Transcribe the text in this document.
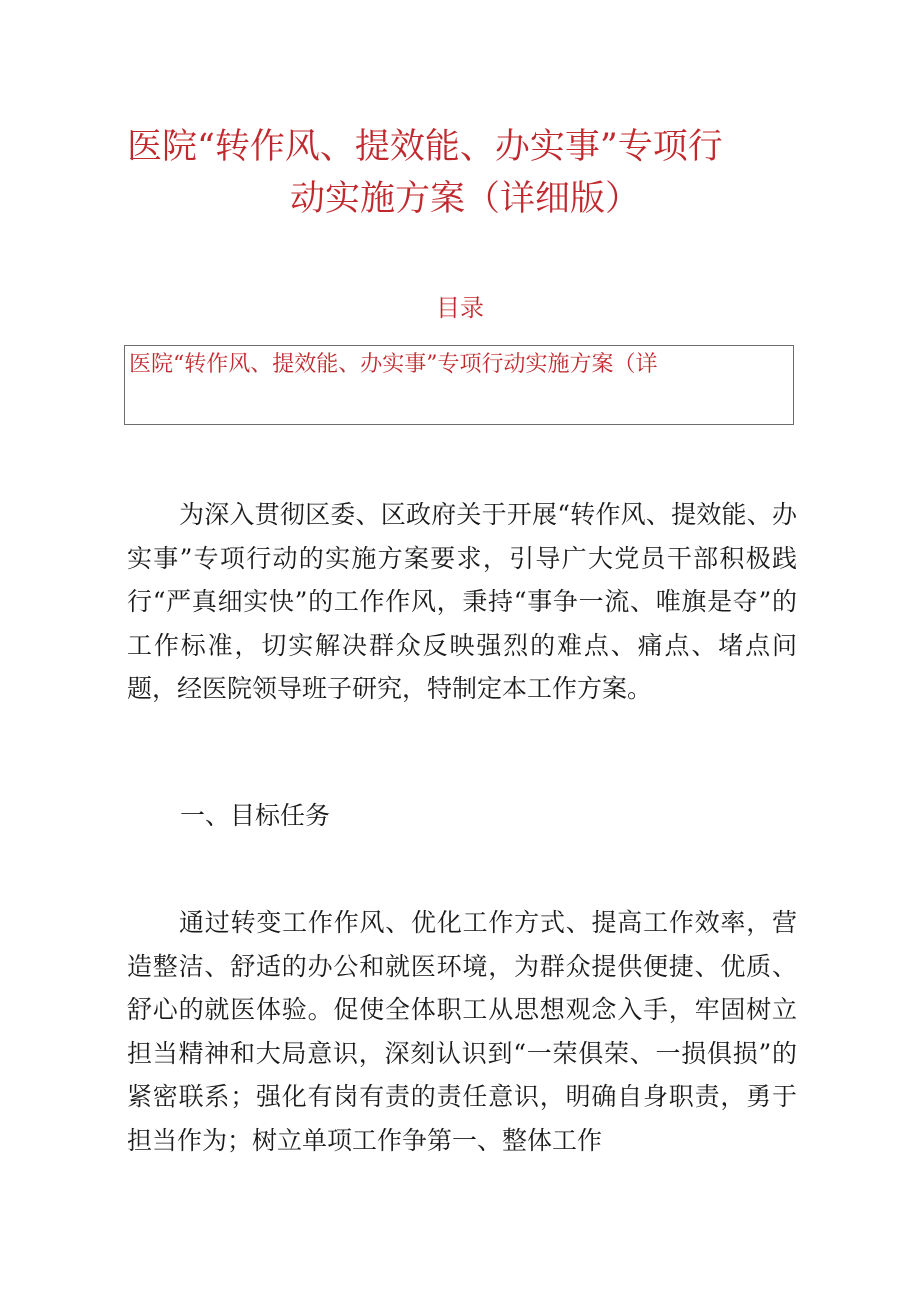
医院“转作风、提效能、办实事”专项行
动实施方案（详细版）
目录
医院“转作风、提效能、办实事”专项行动实施方案（详

为深入贯彻区委、区政府关于开展“转作风、提效能、办实事”专项行动的实施方案要求，引导广大党员干部积极践行“严真细实快”的工作作风，秉持“事争一流、唯旗是夺”的工作标准，切实解决群众反映强烈的难点、痛点、堵点问题，经医院领导班子研究，特制定本工作方案。

一、目标任务

通过转变工作作风、优化工作方式、提高工作效率，营造整洁、舒适的办公和就医环境，为群众提供便捷、优质、舒心的就医体验。促使全体职工从思想观念入手，牢固树立担当精神和大局意识，深刻认识到“一荣俱荣、一损俱损”的紧密联系；强化有岗有责的责任意识，明确自身职责，勇于担当作为；树立单项工作争第一、整体工作
